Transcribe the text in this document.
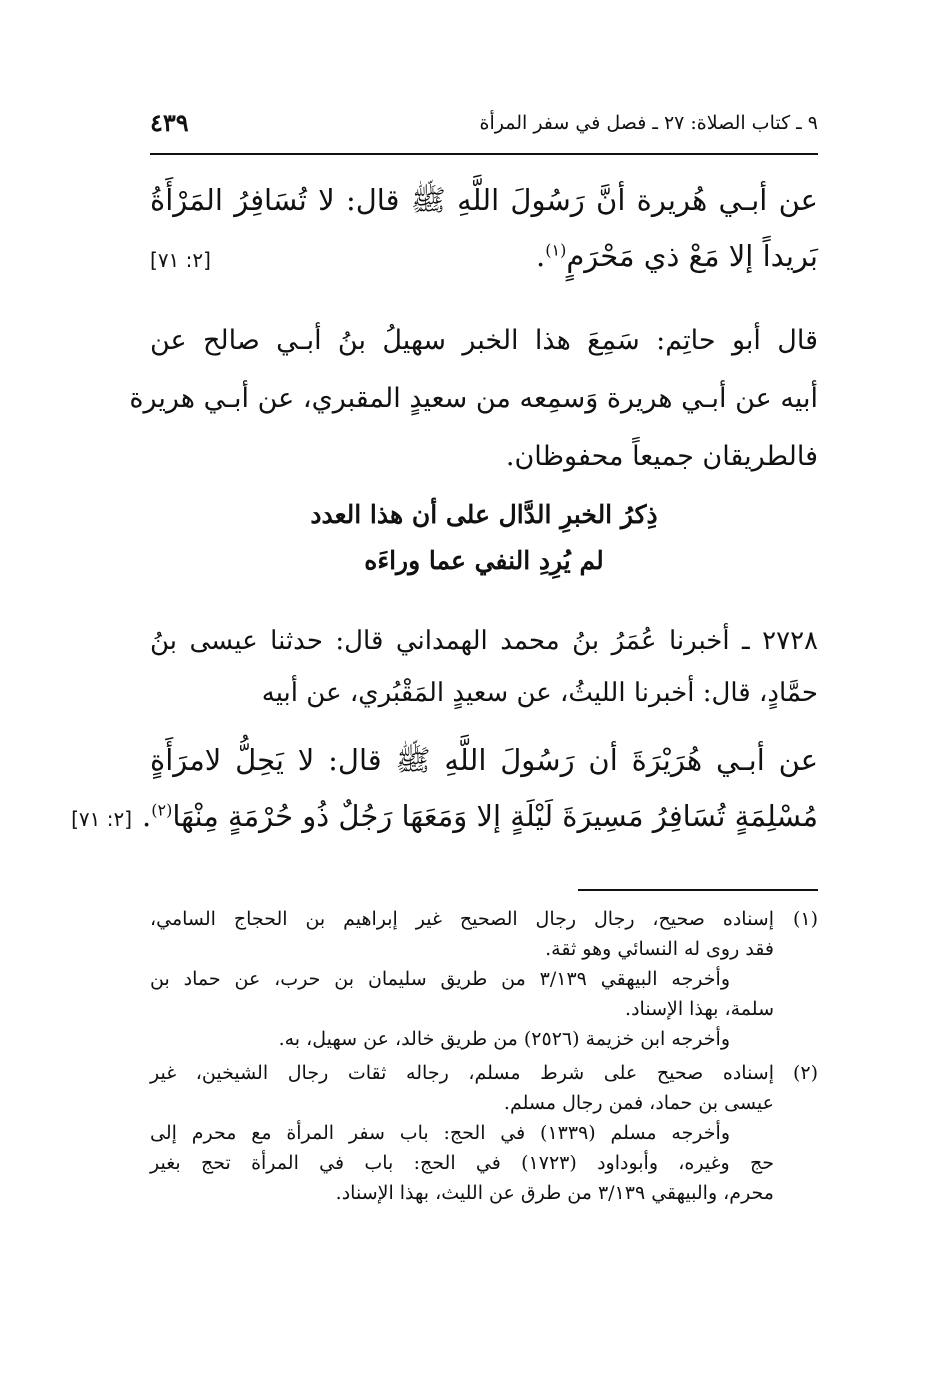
٩ ـ كتاب الصلاة: ٢٧ ـ فصل في سفر المرأة
٤٣٩
عن أبـي هُريرة أنَّ رَسُولَ اللَّهِ ﷺ قال: لا تُسَافِرُ المَرْأَةُ
بَريداً إلا مَعْ ذي مَحْرَمٍ$^{(١)}$.
[٢: ٧١]
قال أبو حاتِم: سَمِعَ هذا الخبر سهيلُ بنُ أبـي صالح عن
أبيه عن أبـي هريرة وَسمِعه من سعيدٍ المقبري، عن أبـي هريرة
فالطريقان جميعاً محفوظان.
ذِكرُ الخبرِ الدَّال على أن هذا العدد
لم يُرِدِ النفي عما وراءَه
٢٧٢٨ ـ أخبرنا عُمَرُ بنُ محمد الهمداني قال: حدثنا عيسى بنُ
حمَّادٍ، قال: أخبرنا الليثُ، عن سعيدٍ المَقْبُري، عن أبيه
عن أبـي هُرَيْرَةَ أن رَسُولَ اللَّهِ ﷺ قال: لا يَحِلُّ لامرَأَةٍ
مُسْلِمَةٍ تُسَافِرُ مَسِيرَةَ لَيْلَةٍ إلا وَمَعَهَا رَجُلٌ ذُو حُرْمَةٍ مِنْهَا$^{(٢)}$.[٢: ٧١]
(١)إسناده صحيح، رجال رجال الصحيح غير إبراهيم بن الحجاج السامي،
فقد روى له النسائي وهو ثقة.
وأخرجه البيهقي ٣/١٣٩ من طريق سليمان بن حرب، عن حماد بن
سلمة، بهذا الإسناد.
وأخرجه ابن خزيمة (٢٥٢٦) من طريق خالد، عن سهيل، به.
(٢)إسناده صحيح على شرط مسلم، رجاله ثقات رجال الشيخين، غير
عيسى بن حماد، فمن رجال مسلم.
وأخرجه مسلم (١٣٣٩) في الحج: باب سفر المرأة مع محرم إلى
حج وغيره، وأبوداود (١٧٢٣) في الحج: باب في المرأة تحج بغير
محرم، والبيهقي ٣/١٣٩ من طرق عن الليث، بهذا الإسناد.
